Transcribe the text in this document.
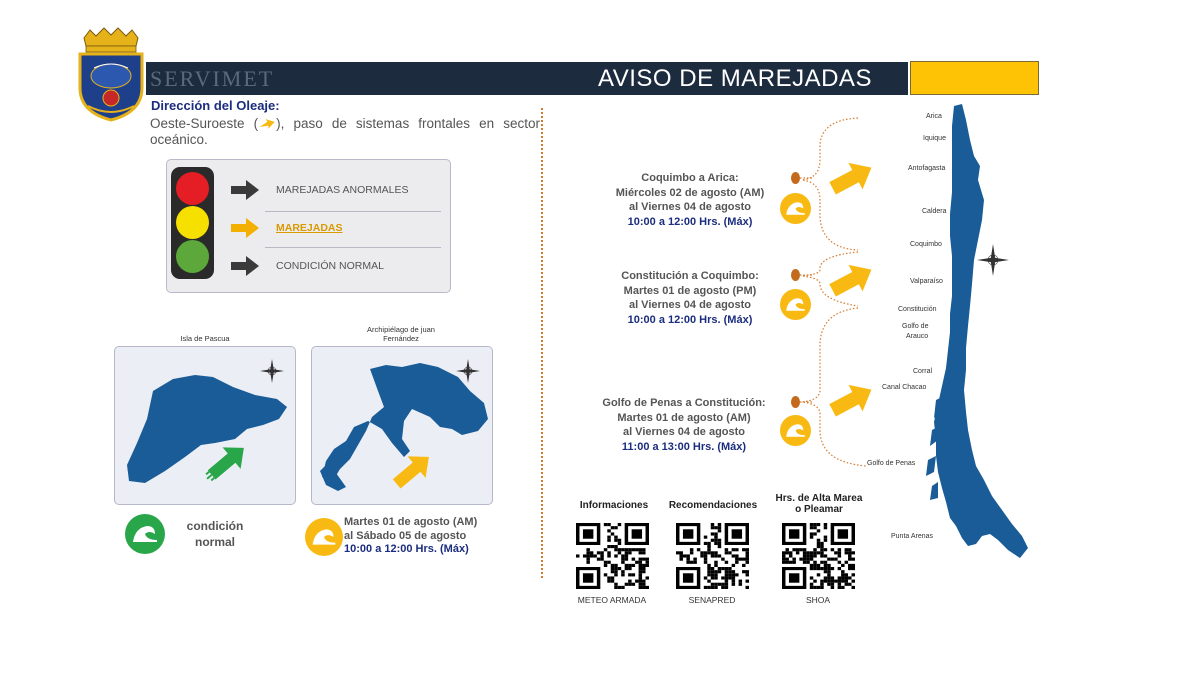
SERVIMET	AVISO DE MAREJADAS
Dirección del Oleaje:
Oeste-Suroeste ( ), paso de sistemas frontales en sector oceánico.
MAREJADAS ANORMALES
MAREJADAS
CONDICIÓN NORMAL
Isla de Pascua
Archipiélago de juan
Fernández
condición
normal
Martes 01 de agosto (AM)
al Sábado 05 de agosto
10:00 a 12:00 Hrs. (Máx)
Coquimbo a Arica:
Miércoles 02 de agosto (AM)
al Viernes 04 de agosto
10:00 a 12:00 Hrs. (Máx)
Constitución a Coquimbo:
Martes 01 de agosto (PM)
al Viernes 04 de agosto
10:00 a 12:00 Hrs. (Máx)
Golfo de Penas a Constitución:
Martes 01 de agosto (AM)
al Viernes 04 de agosto
11:00 a 13:00 Hrs. (Máx)
Arica
Iquique
Antofagasta
Caldera
Coquimbo
Valparaíso
Constitución
Golfo de
Arauco
Corral
Canal Chacao
Golfo de Penas
Punta Arenas
Informaciones	Recomendaciones
Hrs. de Alta Marea
o Pleamar
METEO ARMADA	SENAPRED	SHOA
